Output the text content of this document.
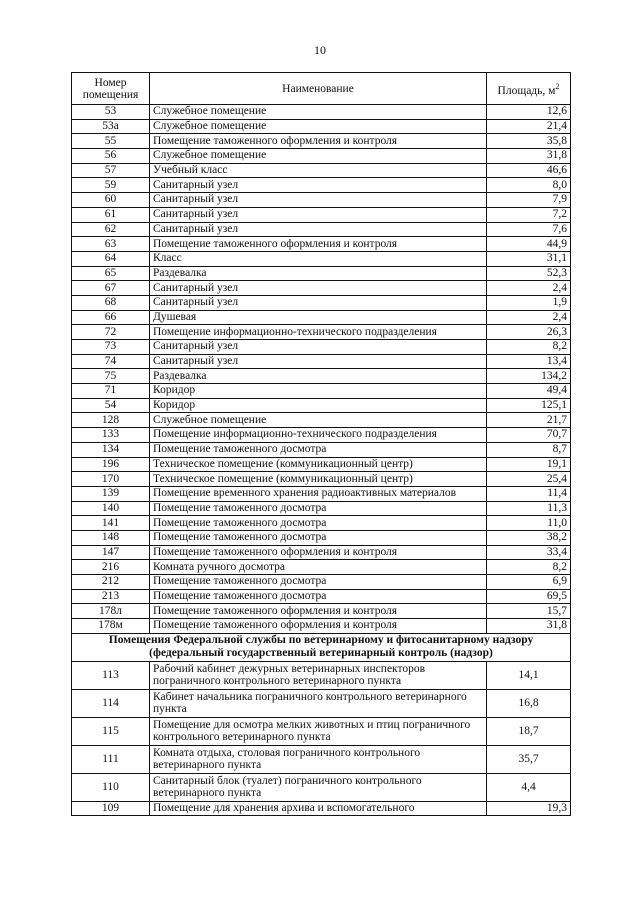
10
Номер помещения	Наименование	Площадь, $м^2$
53	Служебное помещение	12,6
53а	Служебное помещение	21,4
55	Помещение таможенного оформления и контроля	35,8
56	Служебное помещение	31,8
57	Учебный класс	46,6
59	Санитарный узел	8,0
60	Санитарный узел	7,9
61	Санитарный узел	7,2
62	Санитарный узел	7,6
63	Помещение таможенного оформления и контроля	44,9
64	Класс	31,1
65	Раздевалка	52,3
67	Санитарный узел	2,4
68	Санитарный узел	1,9
66	Душевая	2,4
72	Помещение информационно-технического подразделения	26,3
73	Санитарный узел	8,2
74	Санитарный узел	13,4
75	Раздевалка	134,2
71	Коридор	49,4
54	Коридор	125,1
128	Служебное помещение	21,7
133	Помещение информационно-технического подразделения	70,7
134	Помещение таможенного досмотра	8,7
196	Техническое помещение (коммуникационный центр)	19,1
170	Техническое помещение (коммуникационный центр)	25,4
139	Помещение временного хранения радиоактивных материалов	11,4
140	Помещение таможенного досмотра	11,3
141	Помещение таможенного досмотра	11,0
148	Помещение таможенного досмотра	38,2
147	Помещение таможенного оформления и контроля	33,4
216	Комната ручного досмотра	8,2
212	Помещение таможенного досмотра	6,9
213	Помещение таможенного досмотра	69,5
178л	Помещение таможенного оформления и контроля	15,7
178м	Помещение таможенного оформления и контроля	31,8
Помещения Федеральной службы по ветеринарному и фитосанитарному надзору (федеральный государственный ветеринарный контроль (надзор)		
113	Рабочий кабинет дежурных ветеринарных инспекторов пограничного контрольного ветеринарного пункта	14,1
114	Кабинет начальника пограничного контрольного ветеринарного пункта	16,8
115	Помещение для осмотра мелких животных и птиц пограничного контрольного ветеринарного пункта	18,7
111	Комната отдыха, столовая пограничного контрольного ветеринарного пункта	35,7
110	Санитарный блок (туалет) пограничного контрольного ветеринарного пункта	4,4
109	Помещение для хранения архива и вспомогательного	19,3
